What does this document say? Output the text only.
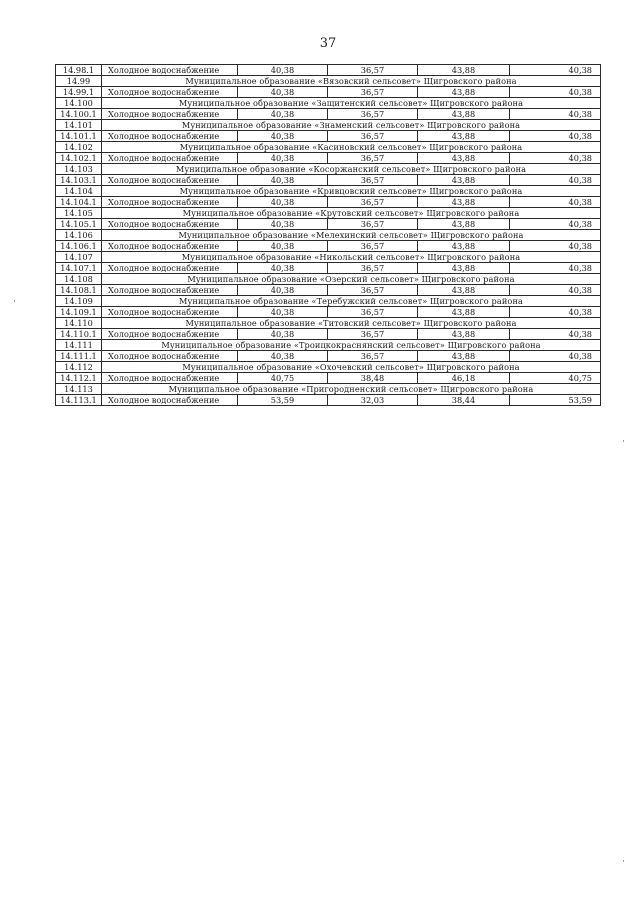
37
14.98.1	Холодное водоснабжение	40,38	36,57	43,88	40,38
14.99	Муниципальное образование «Вязовский сельсовет» Щигровского района				
14.99.1	Холодное водоснабжение	40,38	36,57	43,88	40,38
14.100	Муниципальное образование «Защитенский сельсовет» Щигровского района				
14.100.1	Холодное водоснабжение	40,38	36,57	43,88	40,38
14.101	Муниципальное образование «Знаменский сельсовет» Щигровского района				
14.101.1	Холодное водоснабжение	40,38	36,57	43,88	40,38
14.102	Муниципальное образование «Касиновский сельсовет» Щигровского района				
14.102.1	Холодное водоснабжение	40,38	36,57	43,88	40,38
14.103	Муниципальное образование «Косоржанский сельсовет» Щигровского района				
14.103.1	Холодное водоснабжение	40,38	36,57	43,88	40,38
14.104	Муниципальное образование «Кривцовский сельсовет» Щигровского района				
14.104.1	Холодное водоснабжение	40,38	36,57	43,88	40,38
14.105	Муниципальное образование «Крутовский сельсовет» Щигровского района				
14.105.1	Холодное водоснабжение	40,38	36,57	43,88	40,38
14.106	Муниципальное образование «Мелехинский сельсовет» Щигровского района				
14.106.1	Холодное водоснабжение	40,38	36,57	43,88	40,38
14.107	Муниципальное образование «Никольский сельсовет» Щигровского района				
14.107.1	Холодное водоснабжение	40,38	36,57	43,88	40,38
14.108	Муниципальное образование «Озерский сельсовет» Щигровского района				
14.108.1	Холодное водоснабжение	40,38	36,57	43,88	40,38
14.109	Муниципальное образование «Теребужский сельсовет» Щигровского района				
14.109.1	Холодное водоснабжение	40,38	36,57	43,88	40,38
14.110	Муниципальное образование «Титовский сельсовет» Щигровского района				
14.110.1	Холодное водоснабжение	40,38	36,57	43,88	40,38
14.111	Муниципальное образование «Троицкокраснянский сельсовет» Щигровского района				
14.111.1	Холодное водоснабжение	40,38	36,57	43,88	40,38
14.112	Муниципальное образование «Охочевский сельсовет» Щигровского района				
14.112.1	Холодное водоснабжение	40,75	38,48	46,18	40,75
14.113	Муниципальное образование «Пригородненский сельсовет» Щигровского района				
14.113.1	Холодное водоснабжение	53,59	32,03	38,44	53,59
